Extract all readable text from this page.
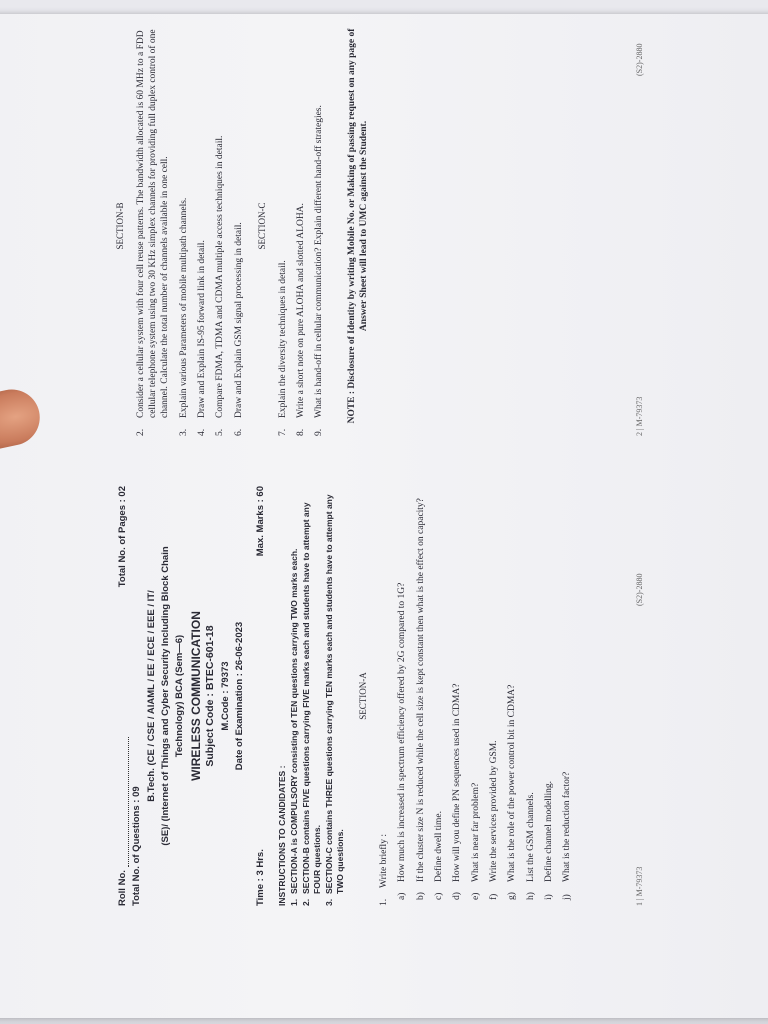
Roll No.
Total No. of Pages : 02
Total No. of Questions : 09
B.Tech. (CE / CSE / AIAML / EE / ECE / EEE / IT/ (SE)/ (Internet of Things and Cyber Security Including Block Chain Technology) BCA (Sem—6) WIRELESS COMMUNICATION Subject Code : BTEC-601-18 M.Code : 79373 Date of Examination : 26-06-2023
Time : 3 Hrs.
Max. Marks : 60
INSTRUCTIONS TO CANDIDATES : 1.
SECTION-A is COMPULSORY consisting of TEN questions carrying TWO marks each.
2.
SECTION-B contains FIVE questions carrying FIVE marks each and students have to attempt any FOUR questions.
3.
SECTION-C contains THREE questions carrying TEN marks each and students have to attempt any TWO questions.
SECTION-A
1.
Write briefly :
a)
How much is increased in spectrum efficiency offered by 2G compared to 1G?
b)
If the cluster size N is reduced while the cell size is kept constant then what is the effect on capacity?
c)
Define dwell time.
d)
How will you define PN sequences used in CDMA?
e)
What is near far problem?
f)
Write the services provided by GSM.
g)
What is the role of the power control bit in CDMA?
h)
List the GSM channels.
i)
Define channel modelling.
j)
What is the reduction factor?
1 | M-79373
(S2)-2880
SECTION-B
2.
Consider a cellular system with four cell reuse patterns. The bandwidth allocated is 60 MHz to a FDD cellular telephone system using two 30 KHz simplex channels for providing full duplex control of one channel. Calculate the total number of channels available in one cell.
3.
Explain various Parameters of mobile multipath channels.
4.
Draw and Explain IS-95 forward link in detail.
5.
Compare FDMA, TDMA and CDMA multiple access techniques in detail.
6.
Draw and Explain GSM signal processing in detail. SECTION-C
7.
Explain the diversity techniques in detail.
8.
Write a short note on pure ALOHA and slotted ALOHA.
9.
What is hand-off in cellular communication? Explain different hand-off strategies. NOTE : Disclosure of Identity by writing Mobile No. or Making of passing request on any page of Answer Sheet will lead to UMC against the Student.
2 | M-79373
(S2)-2880
